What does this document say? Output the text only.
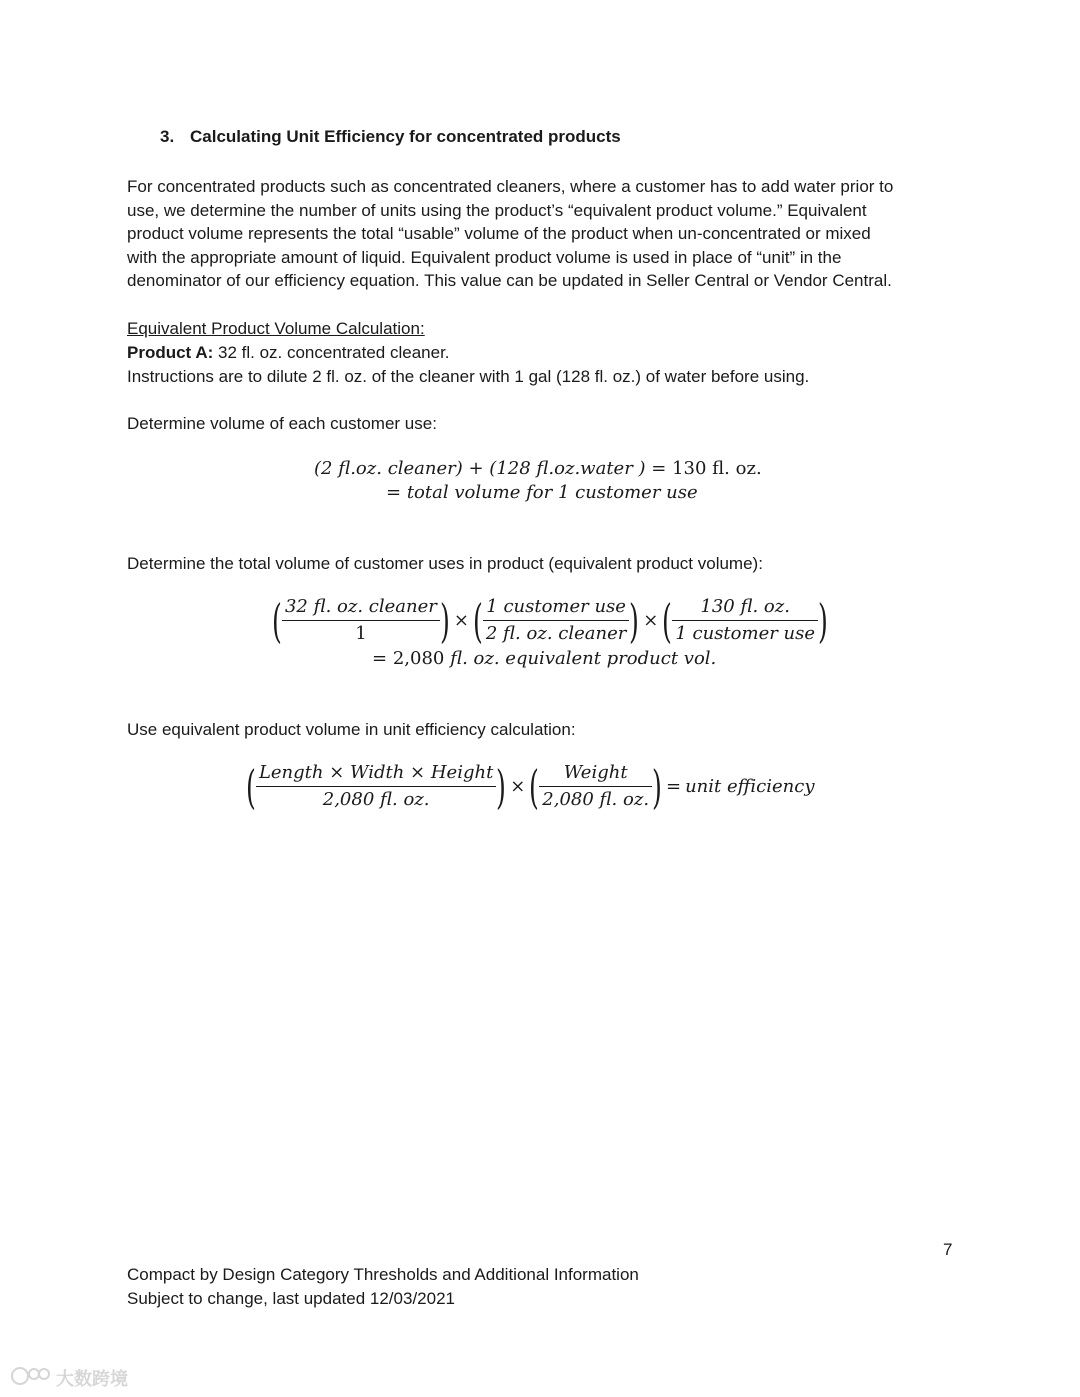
3. Calculating Unit Efficiency for concentrated products
For concentrated products such as concentrated cleaners, where a customer has to add water prior to
use, we determine the number of units using the product’s “equivalent product volume.” Equivalent
product volume represents the total “usable” volume of the product when un-concentrated or mixed
with the appropriate amount of liquid. Equivalent product volume is used in place of “unit” in the
denominator of our efficiency equation. This value can be updated in Seller Central or Vendor Central.
Equivalent Product Volume Calculation:
Product A: 32 fl. oz. concentrated cleaner.
Instructions are to dilute 2 fl. oz. of the cleaner with 1 gal (128 fl. oz.) of water before using.
Determine volume of each customer use:
(2 fl.oz. cleaner) + (128 fl.oz.water ) = 130 fl. oz.
= total volume for 1 customer use
Determine the total volume of customer uses in product (equivalent product volume):
( $\frac{\text{32 fl. oz. cleaner}}{1}$ ) ×( $\frac{\text{1 customer use}}{\text{2 fl. oz. cleaner}}$ ) ×( $\frac{130 fl. oz.}{\text{1 customer use}}$ )
= 2,080 fl. oz. equivalent product vol.
Use equivalent product volume in unit efficiency calculation:
( $\frac{\text{Length × Width × Height}}{2,080 fl. oz.}$ ) ×( $\frac{\text{Weight}}{2,080 fl. oz.}$ ) =unit efficiency
7
Compact by Design Category Thresholds and Additional Information
Subject to change, last updated 12/03/2021
大数跨境
